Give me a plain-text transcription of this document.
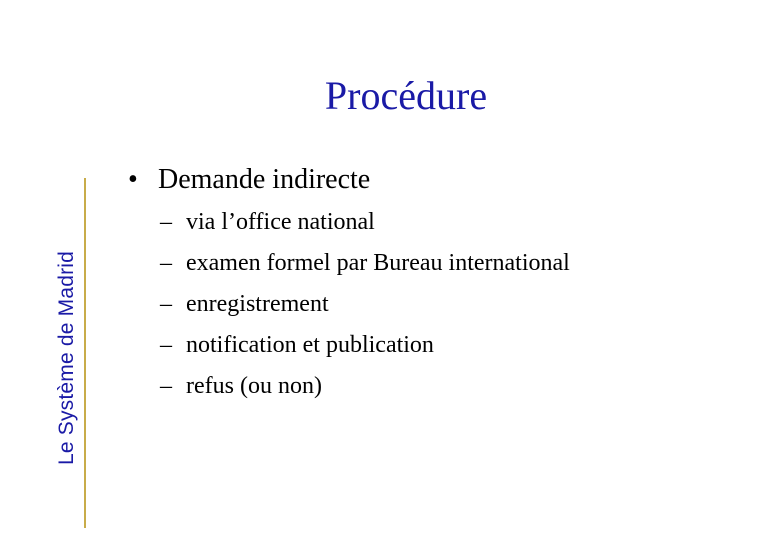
Procédure
Le Système de Madrid
• Demande indirecte
– via l’office national
– examen formel par Bureau international
– enregistrement
– notification et publication
– refus (ou non)
